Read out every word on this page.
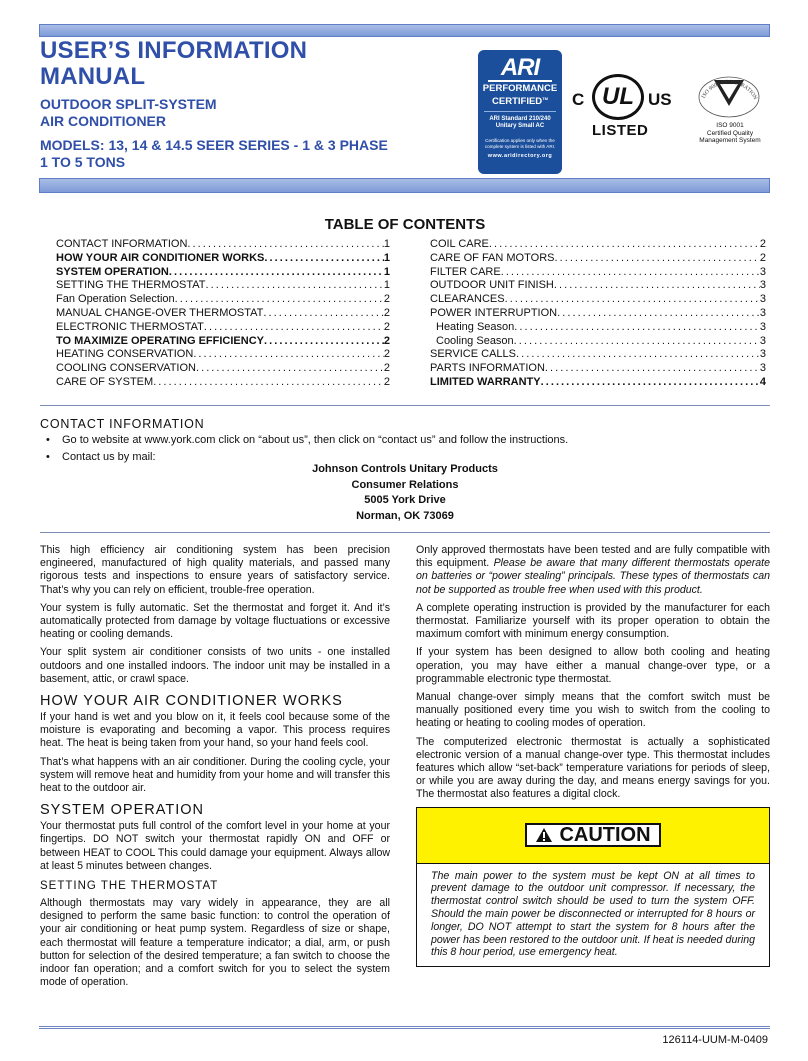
USER’S INFORMATION
MANUAL
OUTDOOR SPLIT-SYSTEM
AIR CONDITIONER
MODELS: 13, 14 & 14.5 SEER SERIES - 1 & 3 PHASE
1 TO 5 TONS
ARI
PERFORMANCE
CERTIFIED™
ARI Standard 210/240
Unitary Small AC
Certification applies only when the complete system is listed with ARI.
www.aridirectory.org
C UL US
LISTED
ISO 9000 REGISTRATION
ISO 9001
Certified Quality
Management System
TABLE OF CONTENTS
CONTACT INFORMATION . . .	1
HOW YOUR AIR CONDITIONER WORKS . . .	1
SYSTEM OPERATION . . .	1
SETTING THE THERMOSTAT . . .	1
Fan Operation Selection . . .	2
MANUAL CHANGE-OVER THERMOSTAT . . .	2
ELECTRONIC THERMOSTAT . . .	2
TO MAXIMIZE OPERATING EFFICIENCY . . .	2
HEATING CONSERVATION . . .	2
COOLING CONSERVATION . . .	2
CARE OF SYSTEM . . .	2
COIL CARE . . .	2
CARE OF FAN MOTORS . . .	2
FILTER CARE . . .	3
OUTDOOR UNIT FINISH . . .	3
CLEARANCES . . .	3
POWER INTERRUPTION . . .	3
Heating Season . . .	3
Cooling Season . . .	3
SERVICE CALLS . . .	3
PARTS INFORMATION . . .	3
LIMITED WARRANTY . . .	4
CONTACT INFORMATION
• Go to website at www.york.com click on “about us”, then click on “contact us” and follow the instructions.
• Contact us by mail:
Johnson Controls Unitary Products
Consumer Relations
5005 York Drive
Norman, OK 73069

This high efficiency air conditioning system has been precision engineered, manufactured of high quality materials, and passed many rigorous tests and inspections to ensure years of satisfactory service. That’s why you can rely on efficient, trouble-free operation.

Your system is fully automatic. Set the thermostat and forget it. And it’s automatically protected from damage by voltage fluctuations or excessive heating or cooling demands.

Your split system air conditioner consists of two units - one installed outdoors and one installed indoors. The indoor unit may be installed in a basement, attic, or crawl space.

HOW YOUR AIR CONDITIONER WORKS

If your hand is wet and you blow on it, it feels cool because some of the moisture is evaporating and becoming a vapor. This process requires heat. The heat is being taken from your hand, so your hand feels cool.

That’s what happens with an air conditioner. During the cooling cycle, your system will remove heat and humidity from your home and will transfer this heat to the outdoor air.

SYSTEM OPERATION

Your thermostat puts full control of the comfort level in your home at your fingertips. DO NOT switch your thermostat rapidly ON and OFF or between HEAT to COOL This could damage your equipment. Always allow at least 5 minutes between changes.

SETTING THE THERMOSTAT

Although thermostats may vary widely in appearance, they are all designed to perform the same basic function: to control the operation of your air conditioning or heat pump system. Regardless of size or shape, each thermostat will feature a temperature indicator; a dial, arm, or push button for selection of the desired temperature; a fan switch to choose the indoor fan operation; and a comfort switch for you to select the system mode of operation.

Only approved thermostats have been tested and are fully compatible with this equipment. Please be aware that many different thermostats operate on batteries or “power stealing” principals. These types of thermostats can not be supported as trouble free when used with this product.

A complete operating instruction is provided by the manufacturer for each thermostat. Familiarize yourself with its proper operation to obtain the maximum comfort with minimum energy consumption.

If your system has been designed to allow both cooling and heating operation, you may have either a manual change-over type, or a programmable electronic type thermostat.

Manual change-over simply means that the comfort switch must be manually positioned every time you wish to switch from the cooling to heating or heating to cooling modes of operation.

The computerized electronic thermostat is actually a sophisticated electronic version of a manual change-over type. This thermostat includes features which allow “set-back” temperature variations for periods of sleep, or while you are away during the day, and means energy savings for you. The thermostat also features a digital clock.

CAUTION
The main power to the system must be kept ON at all times to prevent damage to the outdoor unit compressor. If necessary, the thermostat control switch should be used to turn the system OFF. Should the main power be disconnected or interrupted for 8 hours or longer, DO NOT attempt to start the system for 8 hours after the power has been restored to the outdoor unit. If heat is needed during this 8 hour period, use emergency heat.
126114-UUM-M-0409
